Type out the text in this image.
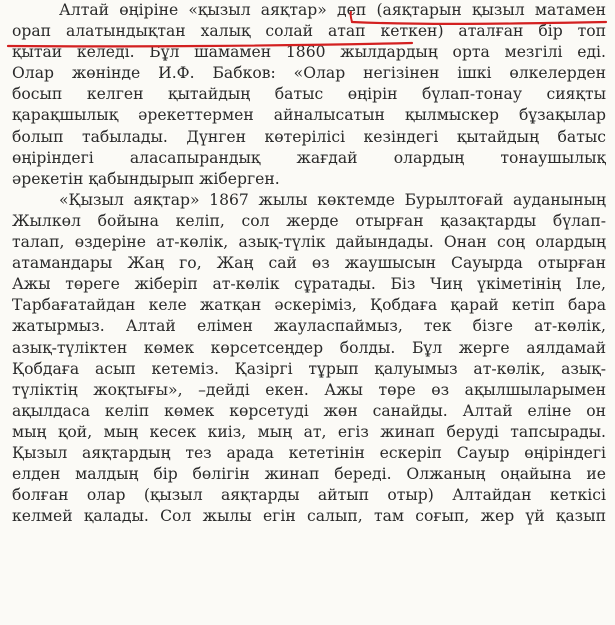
Алтай өңіріне «қызыл аяқтар» деп (аяқтарын қызыл матамен
орап алатындықтан халық солай атап кеткен) аталған бір топ
қытай келеді. Бұл шамамен 1860 жылдардың орта мезгілі еді.
Олар жөнінде И.Ф. Бабков: «Олар негізінен ішкі өлкелерден
босып келген қытайдың батыс өңірін бүлап-тонау сияқты
қарақшылық әрекеттермен айналысатын қылмыскер бұзақылар
болып табылады. Дүнген көтерілісі кезіндегі қытайдың батыс
өңіріндегі аласапырандық жағдай олардың тонаушылық
әрекетін қабындырып жіберген.
«Қызыл аяқтар» 1867 жылы көктемде Бурылтоғай ауданының
Жылкөл бойына келіп, сол жерде отырған қазақтарды бүлап-
талап, өздеріне ат-көлік, азық-түлік дайындады. Онан соң олардың
атамандары Жаң го, Жаң сай өз жаушысын Сауырда отырған
Ажы төреге жіберіп ат-көлік сұратады. Біз Чиң үкіметінің Іле,
Тарбағатайдан келе жатқан әскеріміз, Қобдаға қарай кетіп бара
жатырмыз. Алтай елімен жауласпаймыз, тек бізге ат-көлік,
азық-түліктен көмек көрсетсеңдер болды. Бұл жерге аялдамай
Қобдаға асып кетеміз. Қазіргі тұрып қалуымыз ат-көлік, азық-
түліктің жоқтығы», –дейді екен. Ажы төре өз ақылшыларымен
ақылдаса келіп көмек көрсетуді жөн санайды. Алтай еліне он
мың қой, мың кесек киіз, мың ат, егіз жинап беруді тапсырады.
Қызыл аяқтардың тез арада кететінін ескеріп Сауыр өңіріндегі
елден малдың бір бөлігін жинап береді. Олжаның оңайына ие
болған олар (қызыл аяқтарды айтып отыр) Алтайдан кеткісі
келмей қалады. Сол жылы егін салып, там соғып, жер үй қазып
